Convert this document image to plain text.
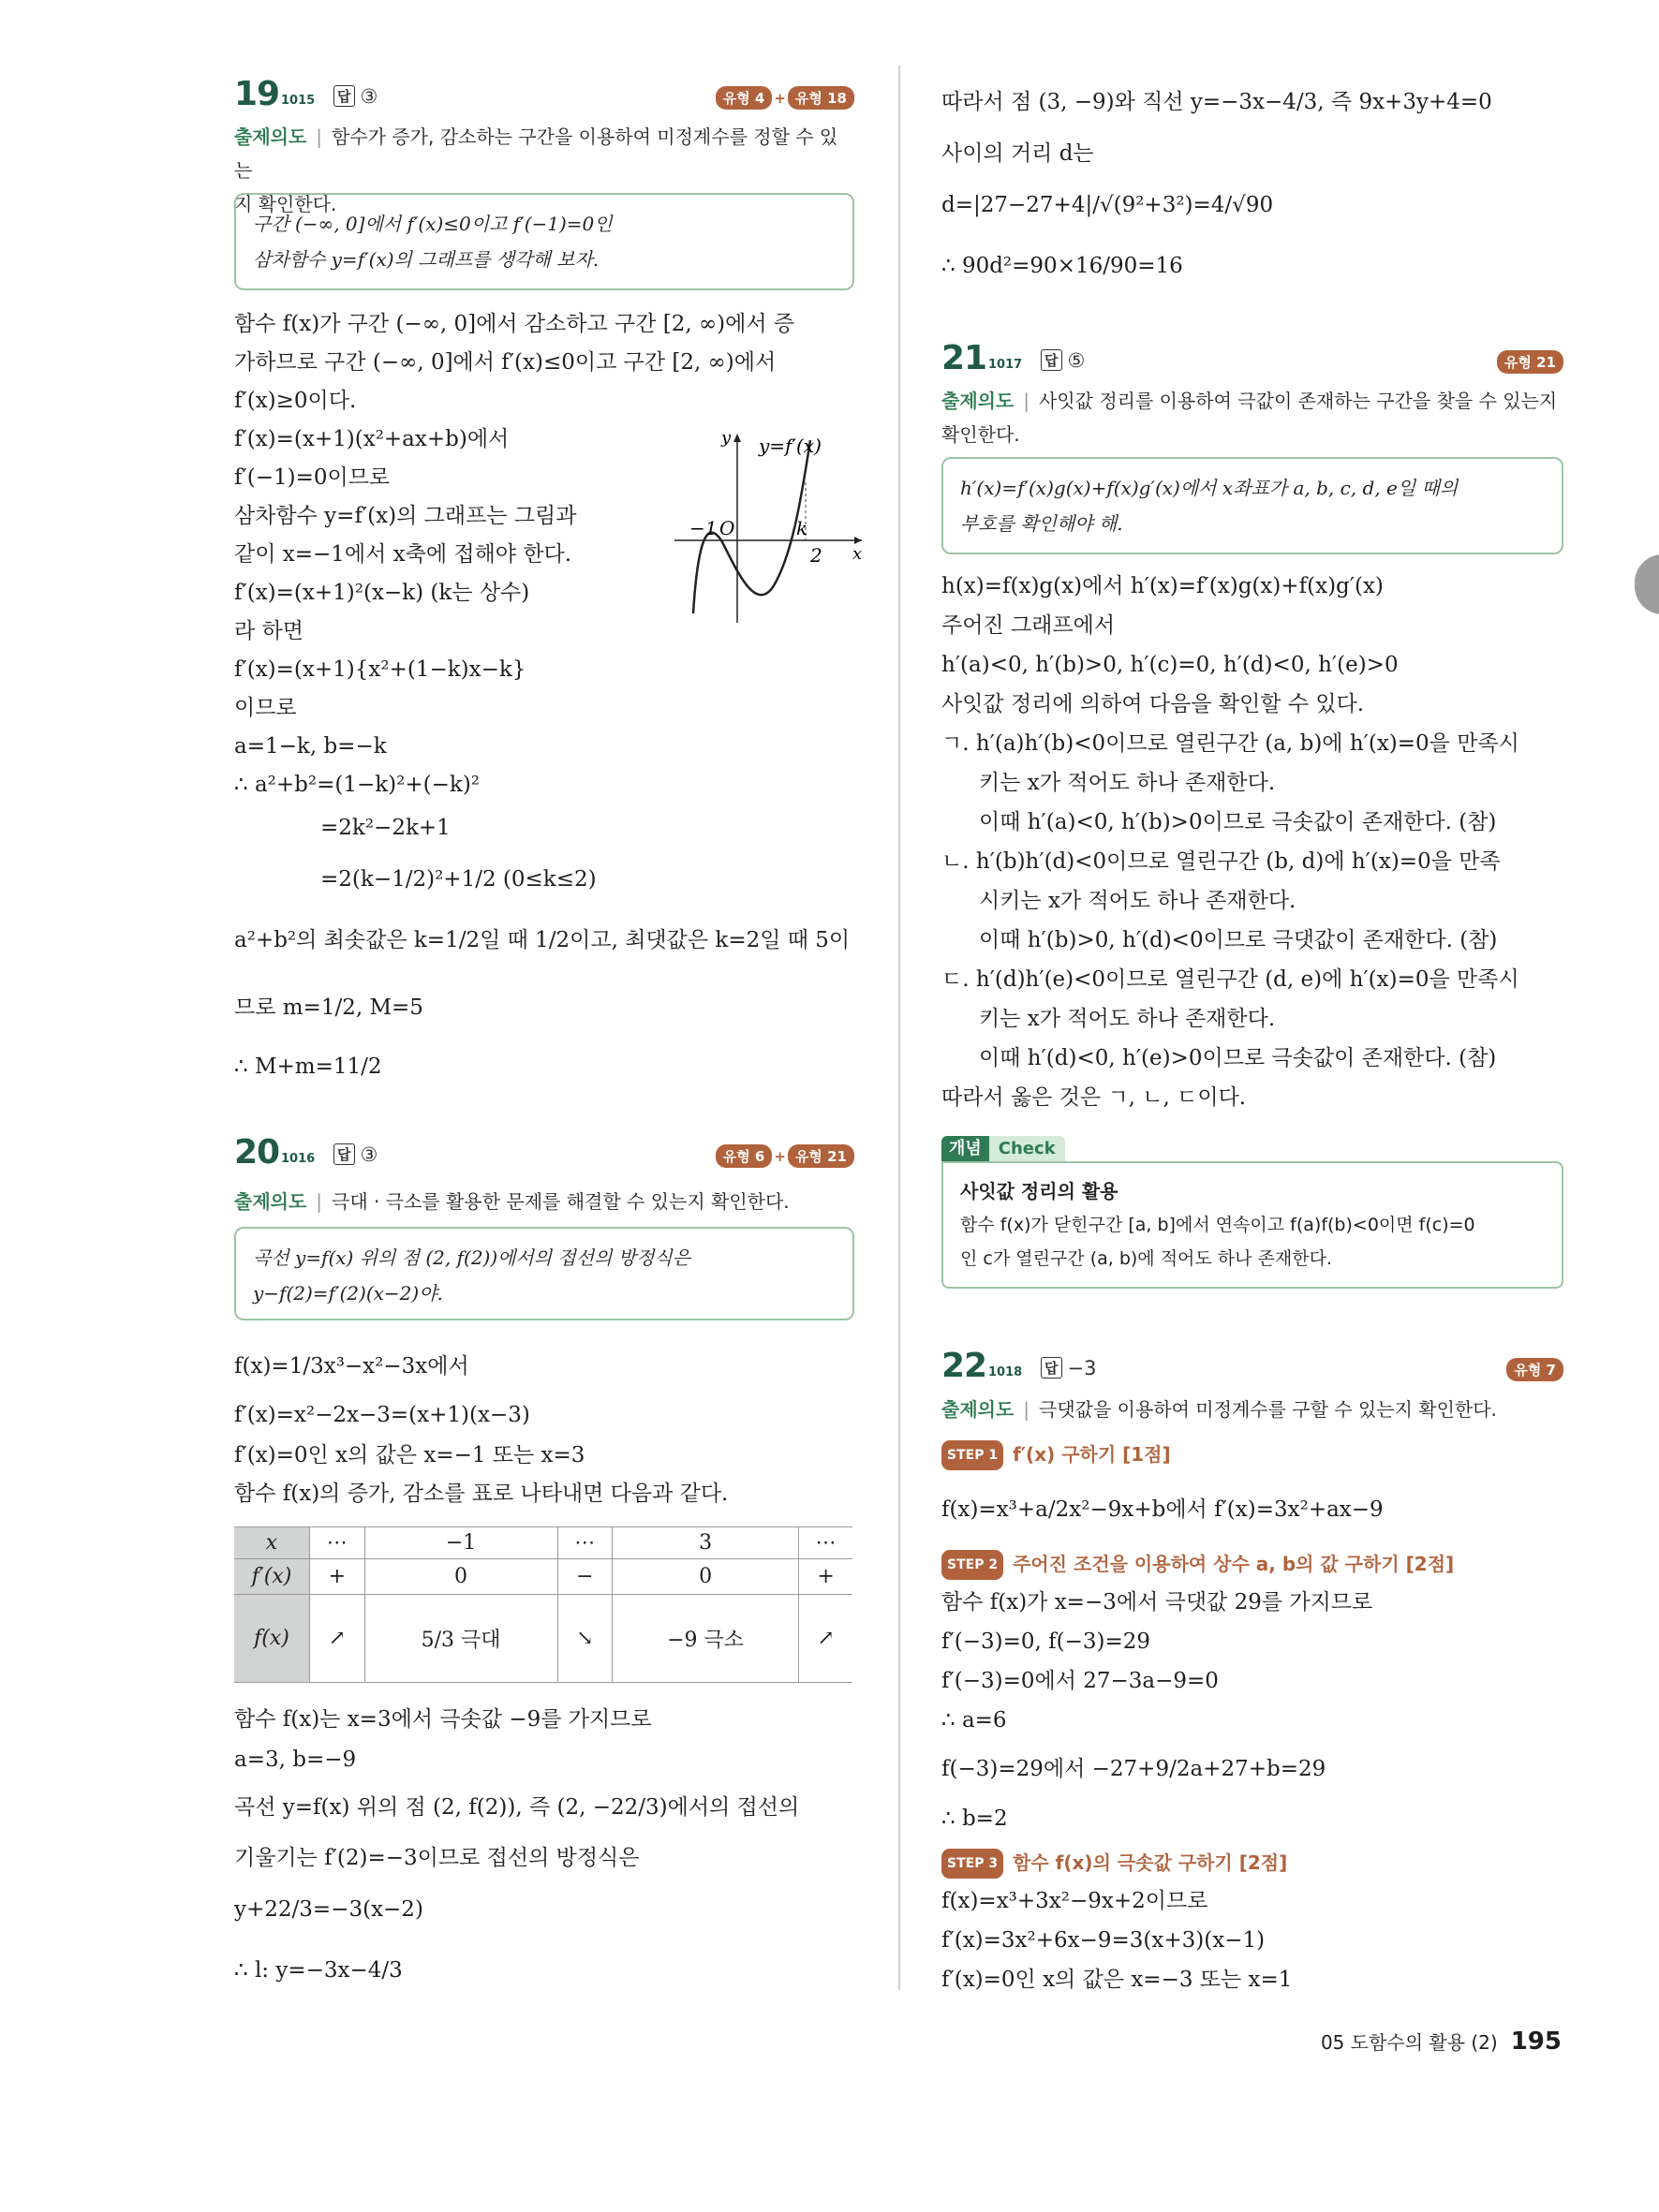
19 1015 답 ③	유형 4 + 유형 18
출제의도 | 함수가 증가, 감소하는 구간을 이용하여 미정계수를 정할 수 있는
지 확인한다.
구간 (−∞, 0]에서 f′(x)≤0이고 f′(−1)=0인
삼차함수 y=f′(x)의 그래프를 생각해 보자.
함수 f(x)가 구간 (−∞, 0]에서 감소하고 구간 [2, ∞)에서 증
가하므로 구간 (−∞, 0]에서 f′(x)≤0이고 구간 [2, ∞)에서
f′(x)≥0이다.
f′(x)=(x+1)(x²+ax+b)에서
f′(−1)=0이므로
삼차함수 y=f′(x)의 그래프는 그림과
같이 x=−1에서 x축에 접해야 한다.
f′(x)=(x+1)²(x−k) (k는 상수)
라 하면
f′(x)=(x+1){x²+(1−k)x−k}
이므로
a=1−k, b=−k
∴ a²+b²=(1−k)²+(−k)²
=2k²−2k+1
=2(k−1/2)²+1/2 (0≤k≤2)
a²+b²의 최솟값은 k=1/2일 때 1/2이고, 최댓값은 k=2일 때 5이
므로 m=1/2, M=5
∴ M+m=11/2
y
x
y=f′(x)
−1 O	k
2
20 1016 답 ③	유형 6 + 유형 21
출제의도 | 극대 · 극소를 활용한 문제를 해결할 수 있는지 확인한다.
곡선 y=f(x) 위의 점 (2, f(2))에서의 접선의 방정식은
y−f(2)=f′(2)(x−2)야.
f(x)=1/3x³−x²−3x에서
f′(x)=x²−2x−3=(x+1)(x−3)
f′(x)=0인 x의 값은 x=−1 또는 x=3
함수 f(x)의 증가, 감소를 표로 나타내면 다음과 같다.
x	⋯	−1	⋯	3	⋯
f′(x)	+	0	−	0	+
f(x)	↗	5/3 극대	↘	−9 극소	↗
함수 f(x)는 x=3에서 극솟값 −9를 가지므로
a=3, b=−9
곡선 y=f(x) 위의 점 (2, f(2)), 즉 (2, −22/3)에서의 접선의
기울기는 f′(2)=−3이므로 접선의 방정식은
y+22/3=−3(x−2)
∴ l: y=−3x−4/3
따라서 점 (3, −9)와 직선 y=−3x−4/3, 즉 9x+3y+4=0
사이의 거리 d는
d=|27−27+4|/√(9²+3²)=4/√90
∴ 90d²=90×16/90=16
21 1017 답 ⑤	유형 21
출제의도 | 사잇값 정리를 이용하여 극값이 존재하는 구간을 찾을 수 있는지
확인한다.
h′(x)=f′(x)g(x)+f(x)g′(x)에서 x좌표가 a, b, c, d, e일 때의
부호를 확인해야 해.
h(x)=f(x)g(x)에서 h′(x)=f′(x)g(x)+f(x)g′(x)
주어진 그래프에서
h′(a)<0, h′(b)>0, h′(c)=0, h′(d)<0, h′(e)>0
사잇값 정리에 의하여 다음을 확인할 수 있다.
ㄱ. h′(a)h′(b)<0이므로 열린구간 (a, b)에 h′(x)=0을 만족시
키는 x가 적어도 하나 존재한다.
이때 h′(a)<0, h′(b)>0이므로 극솟값이 존재한다. (참)
ㄴ. h′(b)h′(d)<0이므로 열린구간 (b, d)에 h′(x)=0을 만족
시키는 x가 적어도 하나 존재한다.
이때 h′(b)>0, h′(d)<0이므로 극댓값이 존재한다. (참)
ㄷ. h′(d)h′(e)<0이므로 열린구간 (d, e)에 h′(x)=0을 만족시
키는 x가 적어도 하나 존재한다.
이때 h′(d)<0, h′(e)>0이므로 극솟값이 존재한다. (참)
따라서 옳은 것은 ㄱ, ㄴ, ㄷ이다.
개념 Check
사잇값 정리의 활용
함수 f(x)가 닫힌구간 [a, b]에서 연속이고 f(a)f(b)<0이면 f(c)=0
인 c가 열린구간 (a, b)에 적어도 하나 존재한다.
22 1018 답 −3	유형 7
출제의도 | 극댓값을 이용하여 미정계수를 구할 수 있는지 확인한다.
STEP 1 f′(x) 구하기 [1점]
f(x)=x³+a/2x²−9x+b에서 f′(x)=3x²+ax−9
STEP 2 주어진 조건을 이용하여 상수 a, b의 값 구하기 [2점]
함수 f(x)가 x=−3에서 극댓값 29를 가지므로
f′(−3)=0, f(−3)=29
f′(−3)=0에서 27−3a−9=0
∴ a=6
f(−3)=29에서 −27+9/2a+27+b=29
∴ b=2
STEP 3 함수 f(x)의 극솟값 구하기 [2점]
f(x)=x³+3x²−9x+2이므로
f′(x)=3x²+6x−9=3(x+3)(x−1)
f′(x)=0인 x의 값은 x=−3 또는 x=1
05 도함수의 활용 (2) 195
